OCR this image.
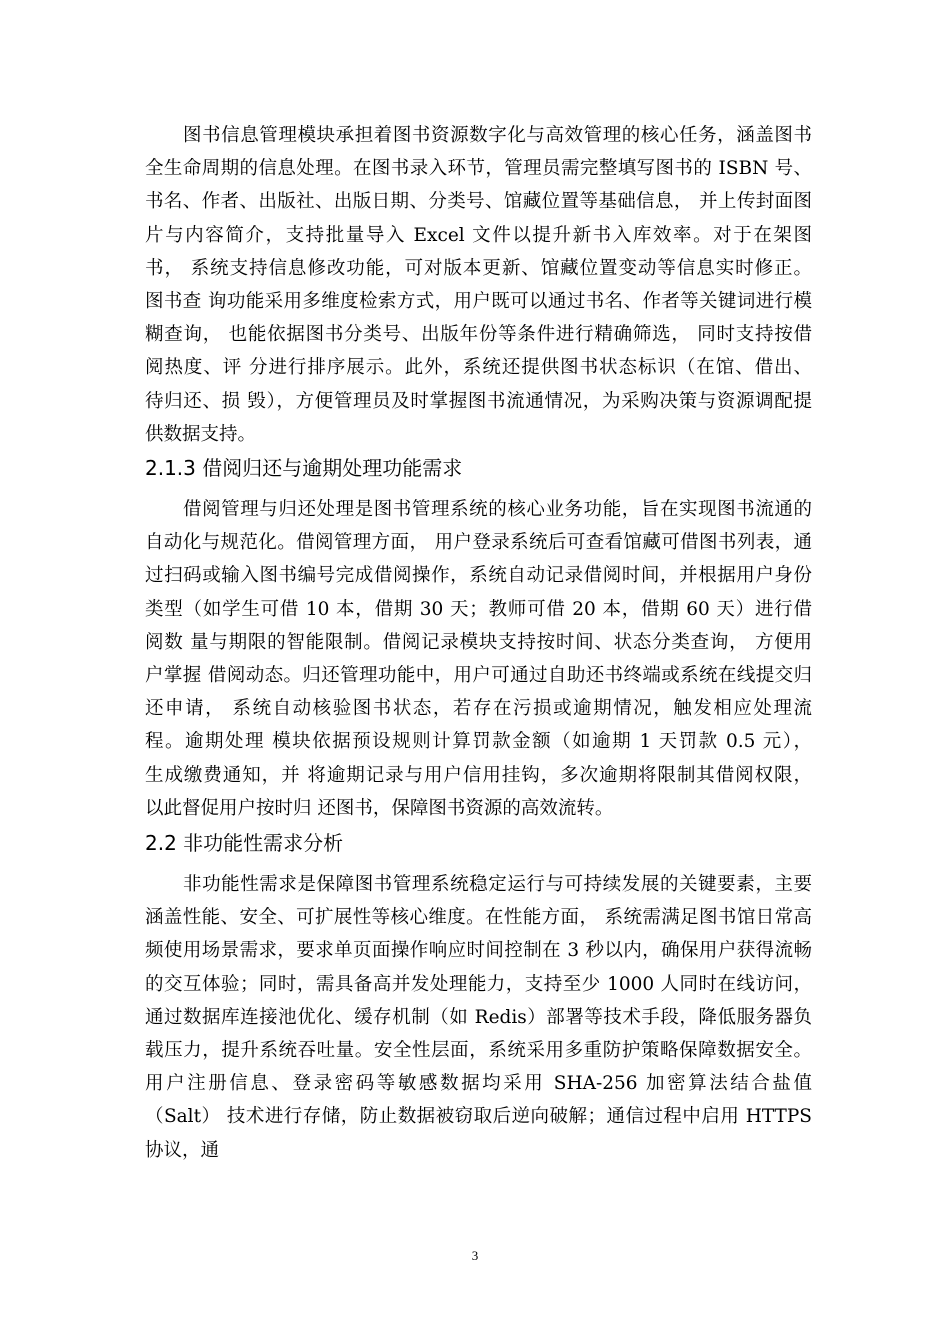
图书信息管理模块承担着图书资源数字化与高效管理的核心任务，涵盖图书
全生命周期的信息处理。在图书录入环节，管理员需完整填写图书的 ISBN 号、
书名、作者、出版社、出版日期、分类号、馆藏位置等基础信息， 并上传封面图
片与内容简介，支持批量导入 Excel 文件以提升新书入库效率。对于在架图
书， 系统支持信息修改功能，可对版本更新、馆藏位置变动等信息实时修正。
图书查 询功能采用多维度检索方式，用户既可以通过书名、作者等关键词进行模
糊查询， 也能依据图书分类号、出版年份等条件进行精确筛选， 同时支持按借
阅热度、评 分进行排序展示。此外，系统还提供图书状态标识（在馆、借出、
待归还、损 毁），方便管理员及时掌握图书流通情况，为采购决策与资源调配提
供数据支持。
2.1.3 借阅归还与逾期处理功能需求
借阅管理与归还处理是图书管理系统的核心业务功能，旨在实现图书流通的
自动化与规范化。借阅管理方面， 用户登录系统后可查看馆藏可借图书列表，通
过扫码或输入图书编号完成借阅操作，系统自动记录借阅时间，并根据用户身份
类型（如学生可借 10 本，借期 30 天；教师可借 20 本，借期 60 天）进行借
阅数 量与期限的智能限制。借阅记录模块支持按时间、状态分类查询， 方便用
户掌握 借阅动态。归还管理功能中，用户可通过自助还书终端或系统在线提交归
还申请， 系统自动核验图书状态，若存在污损或逾期情况，触发相应处理流
程。逾期处理 模块依据预设规则计算罚款金额（如逾期 1 天罚款 0.5 元），
生成缴费通知，并 将逾期记录与用户信用挂钩，多次逾期将限制其借阅权限，
以此督促用户按时归 还图书，保障图书资源的高效流转。
2.2 非功能性需求分析
非功能性需求是保障图书管理系统稳定运行与可持续发展的关键要素，主要
涵盖性能、安全、可扩展性等核心维度。在性能方面， 系统需满足图书馆日常高
频使用场景需求，要求单页面操作响应时间控制在 3 秒以内，确保用户获得流畅
的交互体验；同时，需具备高并发处理能力，支持至少 1000 人同时在线访问，
通过数据库连接池优化、缓存机制（如 Redis）部署等技术手段，降低服务器负
载压力，提升系统吞吐量。安全性层面，系统采用多重防护策略保障数据安全。
用户注册信息、登录密码等敏感数据均采用 SHA-256 加密算法结合盐值
（Salt） 技术进行存储，防止数据被窃取后逆向破解；通信过程中启用 HTTPS
协议，通
3
